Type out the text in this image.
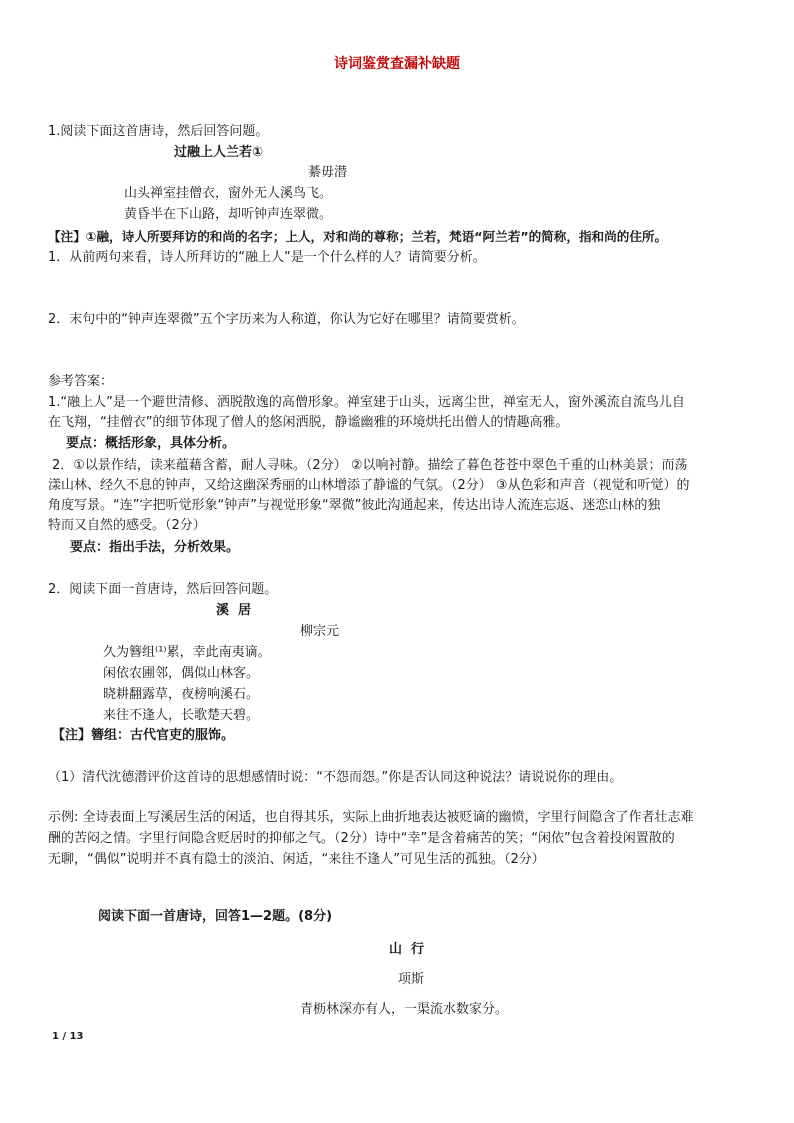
诗词鉴赏查漏补缺题
1.阅读下面这首唐诗，然后回答问题。
过融上人兰若①
綦毋潜
山头禅室挂僧衣，窗外无人溪鸟飞。
黄昏半在下山路，却听钟声连翠微。
【注】①融，诗人所要拜访的和尚的名字；上人，对和尚的尊称；兰若，梵语“阿兰若”的简称，指和尚的住所。
1．从前两句来看，诗人所拜访的“融上人”是一个什么样的人？请简要分析。
2．末句中的“钟声连翠微”五个字历来为人称道，你认为它好在哪里？请简要赏析。
参考答案：
1.“融上人”是一个避世清修、洒脱散逸的高僧形象。禅室建于山头，远离尘世，禅室无人，窗外溪流自流鸟儿自
在飞翔，“挂僧衣”的细节体现了僧人的悠闲洒脱，静谧幽雅的环境烘托出僧人的情趣高雅。
要点：概括形象，具体分析。
2．①以景作结，读来蕴藉含蓄，耐人寻味。（2分） ②以响衬静。描绘了暮色苍苍中翠色千重的山林美景；而荡
漾山林、经久不息的钟声，又给这幽深秀丽的山林增添了静谧的气氛。（2分） ③从色彩和声音（视觉和听觉）的
角度写景。“连”字把听觉形象“钟声”与视觉形象“翠微”彼此沟通起来，传达出诗人流连忘返、迷恋山林的独
特而又自然的感受。（2分）
要点：指出手法，分析效果。
2．阅读下面一首唐诗，然后回答问题。
溪  居
柳宗元
久为簪组⁽¹⁾累，幸此南夷谪。
闲依农圃邻，偶似山林客。
晓耕翻露草，夜榜响溪石。
来往不逢人，长歌楚天碧。
【注】簪组：古代官吏的服饰。
（1）清代沈德潜评价这首诗的思想感情时说：“不怨而怨。”你是否认同这种说法？请说说你的理由。
示例: 全诗表面上写溪居生活的闲适，也自得其乐，实际上曲折地表达被贬谪的幽愤，字里行间隐含了作者壮志难
酬的苦闷之情。字里行间隐含贬居时的抑郁之气。（2分）诗中“幸”是含着痛苦的笑；“闲依”包含着投闲置散的
无聊，“偶似”说明并不真有隐士的淡泊、闲适，“来往不逢人”可见生活的孤独。（2分）
阅读下面一首唐诗，回答1—2题。(8分)
山  行
项斯
青枥林深亦有人，一渠流水数家分。
1 / 13
